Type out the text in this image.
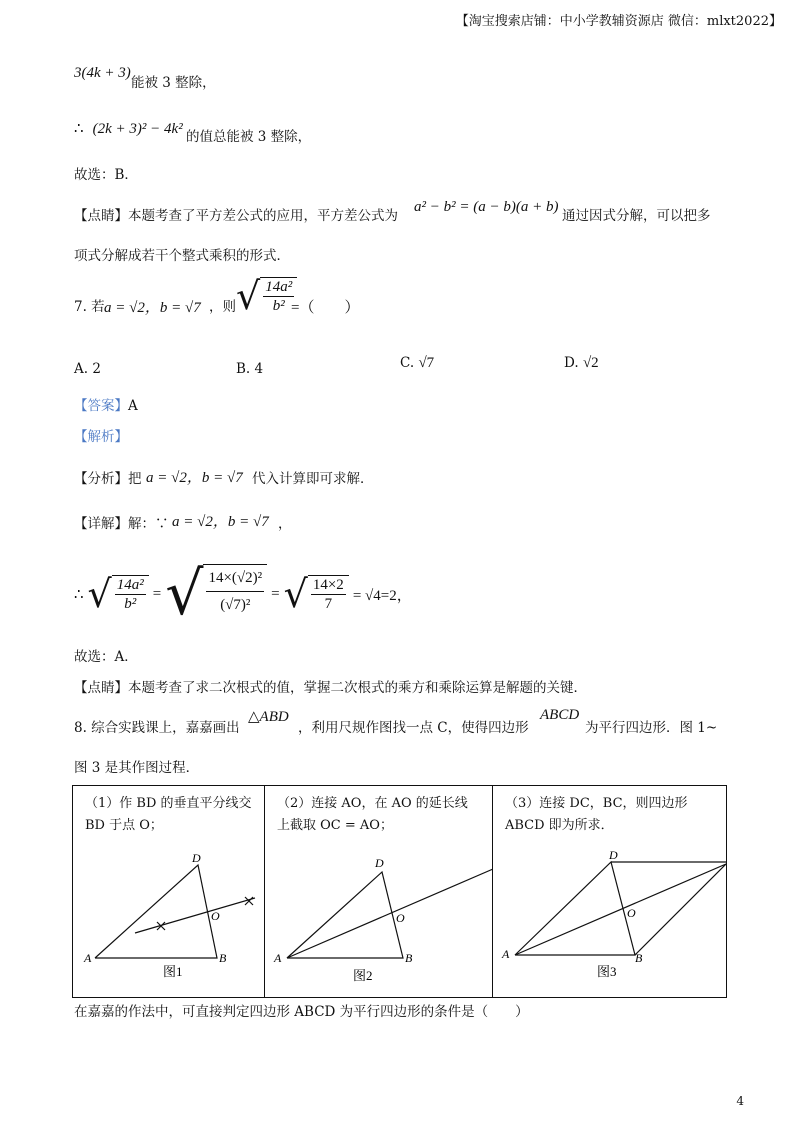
【淘宝搜索店铺：中小学教辅资源店 微信：mlxt2022】
3(4k + 3)
能被 3 整除，
∴ (2k + 3)² − 4k² 的值总能被 3 整除，
故选：B．
【点睛】本题考查了平方差公式的应用，平方差公式为
a² − b² = (a − b)(a + b)
通过因式分解，可以把多
项式分解成若干个整式乘积的形式．
7. 若 a = √2，b = √7 ，则 √ $\frac{\text{14a²}}{\text{b²}}$
=（　　）
A. 2	B. 4	C. √7	D. √2
【答案】A
【解析】
【分析】把 a = √2，b = √7 代入计算即可求解．
【详解】解：∵ a = √2，b = √7 ，
∴ √ $\frac{\text{14a²}}{\text{b²}}$ = √ $\frac{\text{14×(√2)²}}{\text{(√7)²}}$ = √ $\frac{14\times 2}{7} = √4=2$，
故选：A．
【点睛】本题考查了求二次根式的值，掌握二次根式的乘方和乘除运算是解题的关键．
8. 综合实践课上，嘉嘉画出
△ABD
，利用尺规作图找一点 C，使得四边形
ABCD
为平行四边形．图 1~
图 3 是其作图过程．
（1）作 BD 的垂直平分线交
BD 于点 O；
D
A	B
O
图1
（2）连接 AO，在 AO 的延长线
上截取 OC = AO；
D
A	B
O
图2
（3）连接 DC，BC，则四边形
ABCD 即为所求．
D
A	B
O
图3
在嘉嘉的作法中，可直接判定四边形 ABCD 为平行四边形的条件是（　　）
4
